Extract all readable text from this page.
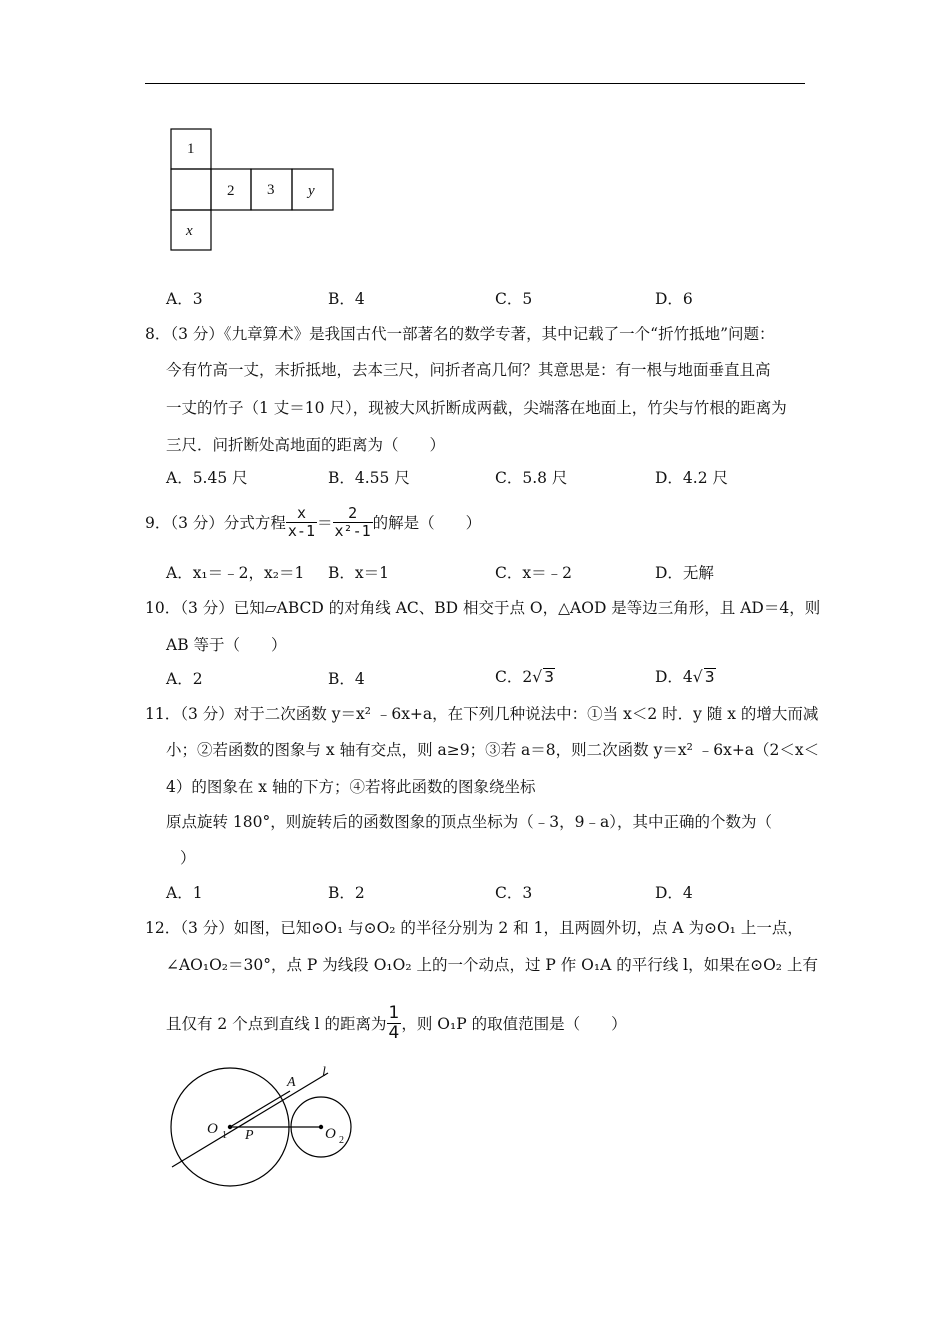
1
2 3 y
x
A．3	B．4	C．5	D．6
8．（3 分）《九章算术》是我国古代一部著名的数学专著，其中记载了一个“折竹抵地”问题：
今有竹高一丈，末折抵地，去本三尺，问折者高几何？其意思是：有一根与地面垂直且高
一丈的竹子（1 丈＝10 尺），现被大风折断成两截，尖端落在地面上，竹尖与竹根的距离为
三尺．问折断处高地面的距离为（　　）
A．5.45 尺	B．4.55 尺	C．5.8 尺	D．4.2 尺
9．（3 分）分式方程 $\frac{x}{x-1} = \frac{2}{\text{x²-1}}$ 的解是（　　）
A．x₁＝﹣2，x₂＝1 B．x＝1	C．x＝﹣2	D．无解
10．（3 分）已知▱ABCD 的对角线 AC、BD 相交于点 O，△AOD 是等边三角形，且 AD＝4，则
AB 等于（　　）
A．2	B．4	C．2√ 3	D．4√ 3
11．（3 分）对于二次函数 y＝x² ﹣6x+a，在下列几种说法中：①当 x＜2 时．y 随 x 的增大而减
小；②若函数的图象与 x 轴有交点，则 a≥9；③若 a＝8，则二次函数 y＝x² ﹣6x+a（2＜x＜
4）的图象在 x 轴的下方；④若将此函数的图象绕坐标
原点旋转 180°，则旋转后的函数图象的顶点坐标为（﹣3，9﹣a），其中正确的个数为（
）
A．1	B．2	C．3	D．4
12．（3 分）如图，已知⊙O₁ 与⊙O₂ 的半径分别为 2 和 1，且两圆外切，点 A 为⊙O₁ 上一点，
∠AO₁O₂＝30°，点 P 为线段 O₁O₂ 上的一个动点，过 P 作 O₁A 的平行线 l，如果在⊙O₂ 上有
且仅有 2 个点到直线 l 的距离为 $\frac{1}{4}$ ，则 O₁P 的取值范围是（　　）
A
l
O 1 P	O 2
